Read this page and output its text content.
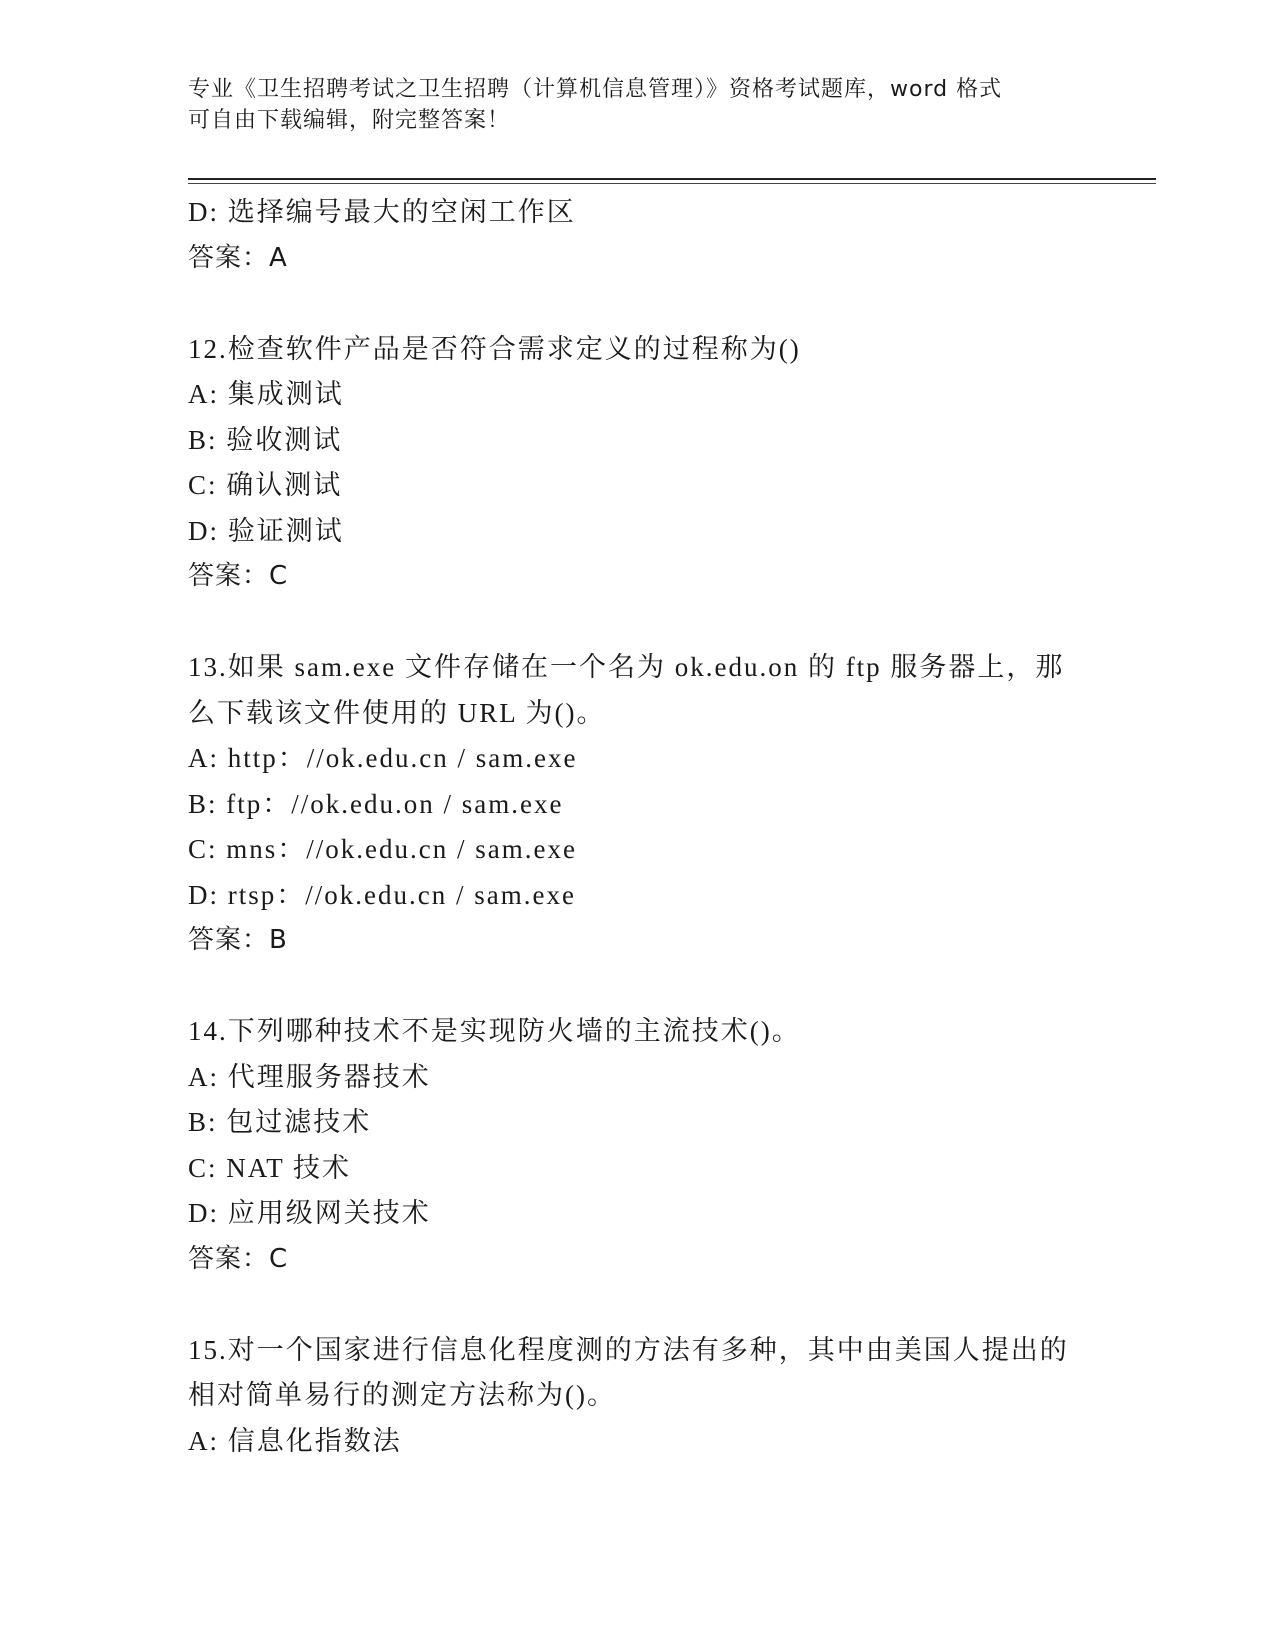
专业《卫生招聘考试之卫生招聘（计算机信息管理）》资格考试题库，word 格式
可自由下载编辑，附完整答案！
D: 选择编号最大的空闲工作区
答案：A
12.检查软件产品是否符合需求定义的过程称为()
A: 集成测试
B: 验收测试
C: 确认测试
D: 验证测试
答案：C
13.如果 sam.exe 文件存储在一个名为 ok.edu.on 的 ftp 服务器上，那
么下载该文件使用的 URL 为()。
A: http：//ok.edu.cn / sam.exe
B: ftp：//ok.edu.on / sam.exe
C: mns：//ok.edu.cn / sam.exe
D: rtsp：//ok.edu.cn / sam.exe
答案：B
14.下列哪种技术不是实现防火墙的主流技术()。
A: 代理服务器技术
B: 包过滤技术
C: NAT 技术
D: 应用级网关技术
答案：C
15.对一个国家进行信息化程度测的方法有多种，其中由美国人提出的
相对简单易行的测定方法称为()。
A: 信息化指数法
